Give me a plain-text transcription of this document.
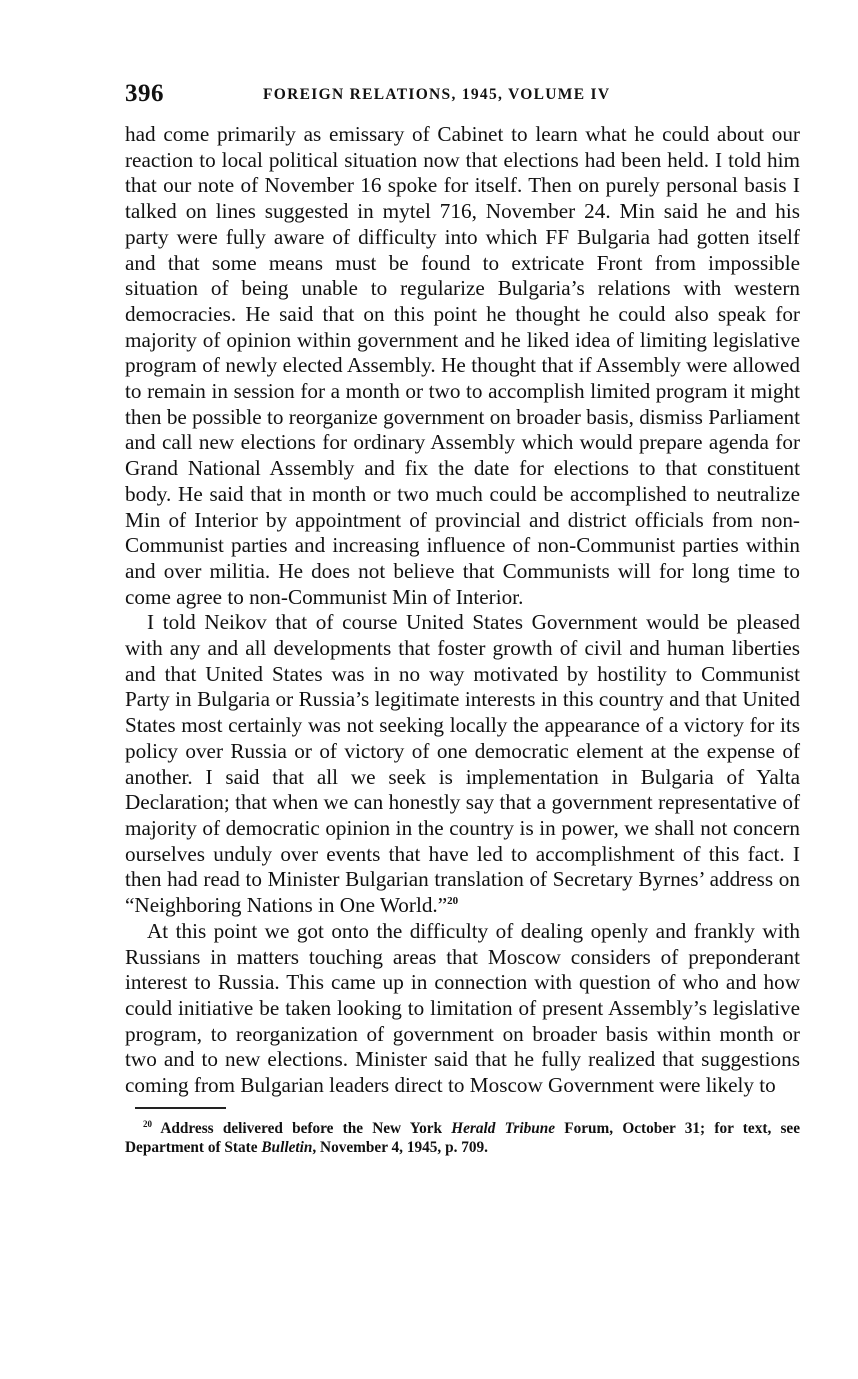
396	FOREIGN RELATIONS, 1945, VOLUME IV

had come primarily as emissary of Cabinet to learn what he could about our reaction to local political situation now that elections had been held. I told him that our note of November 16 spoke for itself. Then on purely personal basis I talked on lines suggested in mytel 716, November 24. Min said he and his party were fully aware of difficulty into which FF Bulgaria had gotten itself and that some means must be found to extricate Front from impossible situation of being unable to regularize Bulgaria’s relations with western democracies. He said that on this point he thought he could also speak for majority of opinion within government and he liked idea of limiting legislative program of newly elected Assembly. He thought that if Assembly were allowed to remain in session for a month or two to accomplish limited program it might then be possible to reorganize government on broader basis, dismiss Parliament and call new elections for ordinary Assembly which would prepare agenda for Grand National Assembly and fix the date for elections to that constituent body. He said that in month or two much could be accomplished to neutralize Min of Interior by appointment of provincial and district officials from non-Communist parties and increasing influence of non-Communist parties within and over militia. He does not believe that Communists will for long time to come agree to non-Communist Min of Interior.

I told Neikov that of course United States Government would be pleased with any and all developments that foster growth of civil and human liberties and that United States was in no way motivated by hostility to Communist Party in Bulgaria or Russia’s legitimate interests in this country and that United States most certainly was not seeking locally the appearance of a victory for its policy over Russia or of victory of one democratic element at the expense of another. I said that all we seek is implementation in Bulgaria of Yalta Declaration; that when we can honestly say that a government representative of majority of democratic opinion in the country is in power, we shall not concern ourselves unduly over events that have led to accomplishment of this fact. I then had read to Minister Bulgarian translation of Secretary Byrnes’ address on “Neighboring Nations in One World.”$^{20}$

At this point we got onto the difficulty of dealing openly and frankly with Russians in matters touching areas that Moscow considers of preponderant interest to Russia. This came up in connection with question of who and how could initiative be taken looking to limitation of present Assembly’s legislative program, to reorganization of government on broader basis within month or two and to new elections. Minister said that he fully realized that suggestions coming from Bulgarian leaders direct to Moscow Government were likely to

$^{20}$ Address delivered before the New York Herald Tribune Forum, October 31; for text, see Department of State Bulletin, November 4, 1945, p. 709.
